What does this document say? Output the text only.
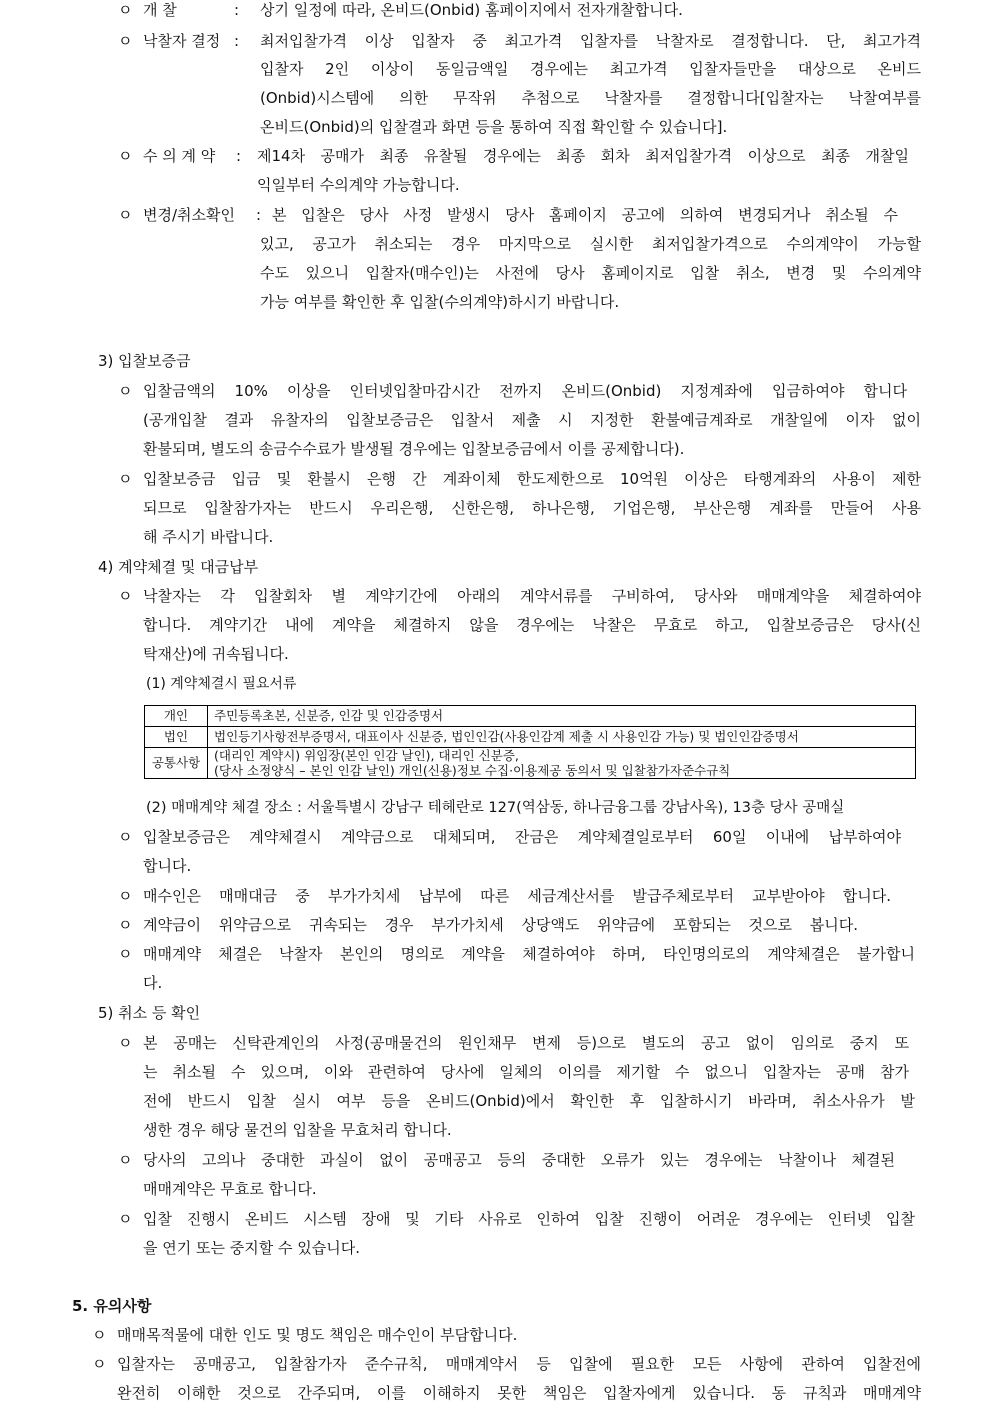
ㅇ 개 찰	: 상기 일정에 따라, 온비드(Onbid) 홈페이지에서 전자개찰합니다.
ㅇ 낙찰자 결정 : 최저입찰가격 이상 입찰자 중 최고가격 입찰자를 낙찰자로 결정합니다. 단, 최고가격
입찰자 2인 이상이 동일금액일 경우에는 최고가격 입찰자들만을 대상으로 온비드
(Onbid)시스템에 의한 무작위 추첨으로 낙찰자를 결정합니다[입찰자는 낙찰여부를
온비드(Onbid)의 입찰결과 화면 등을 통하여 직접 확인할 수 있습니다].
ㅇ 수 의 계 약 : 제14차 공매가 최종 유찰될 경우에는 최종 회차 최저입찰가격 이상으로 최종 개찰일
익일부터 수의계약 가능합니다.
ㅇ 변경/취소확인 : 본 입찰은 당사 사정 발생시 당사 홈페이지 공고에 의하여 변경되거나 취소될 수
있고, 공고가 취소되는 경우 마지막으로 실시한 최저입찰가격으로 수의계약이 가능할
수도 있으니 입찰자(매수인)는 사전에 당사 홈페이지로 입찰 취소, 변경 및 수의계약
가능 여부를 확인한 후 입찰(수의계약)하시기 바랍니다.
3) 입찰보증금
ㅇ 입찰금액의 10% 이상을 인터넷입찰마감시간 전까지 온비드(Onbid) 지정계좌에 입금하여야 합니다
(공개입찰 결과 유찰자의 입찰보증금은 입찰서 제출 시 지정한 환불예금계좌로 개찰일에 이자 없이
환불되며, 별도의 송금수수료가 발생될 경우에는 입찰보증금에서 이를 공제합니다).
ㅇ 입찰보증금 입금 및 환불시 은행 간 계좌이체 한도제한으로 10억원 이상은 타행계좌의 사용이 제한
되므로 입찰참가자는 반드시 우리은행, 신한은행, 하나은행, 기업은행, 부산은행 계좌를 만들어 사용
해 주시기 바랍니다.
4) 계약체결 및 대금납부
ㅇ 낙찰자는 각 입찰회차 별 계약기간에 아래의 계약서류를 구비하여, 당사와 매매계약을 체결하여야
합니다. 계약기간 내에 계약을 체결하지 않을 경우에는 낙찰은 무효로 하고, 입찰보증금은 당사(신
탁재산)에 귀속됩니다.
(1) 계약체결시 필요서류
개인	주민등록초본, 신분증, 인감 및 인감증명서

법인	법인등기사항전부증명서, 대표이사 신분증, 법인인감(사용인감계 제출 시 사용인감 가능) 및 법인인감증명서

공통사항	(대리인 계약시) 위임장(본인 인감 날인), 대리인 신분증,
(당사 소정양식 – 본인 인감 날인) 개인(신용)정보 수집·이용제공 동의서 및 입찰참가자준수규칙
(2) 매매계약 체결 장소 : 서울특별시 강남구 테헤란로 127(역삼동, 하나금융그룹 강남사옥), 13층 당사 공매실
ㅇ 입찰보증금은 계약체결시 계약금으로 대체되며, 잔금은 계약체결일로부터 60일 이내에 납부하여야
합니다.
ㅇ 매수인은 매매대금 중 부가가치세 납부에 따른 세금계산서를 발급주체로부터 교부받아야 합니다.
ㅇ 계약금이 위약금으로 귀속되는 경우 부가가치세 상당액도 위약금에 포함되는 것으로 봅니다.
ㅇ 매매계약 체결은 낙찰자 본인의 명의로 계약을 체결하여야 하며, 타인명의로의 계약체결은 불가합니
다.
5) 취소 등 확인
ㅇ 본 공매는 신탁관계인의 사정(공매물건의 원인채무 변제 등)으로 별도의 공고 없이 임의로 중지 또
는 취소될 수 있으며, 이와 관련하여 당사에 일체의 이의를 제기할 수 없으니 입찰자는 공매 참가
전에 반드시 입찰 실시 여부 등을 온비드(Onbid)에서 확인한 후 입찰하시기 바라며, 취소사유가 발
생한 경우 해당 물건의 입찰을 무효처리 합니다.
ㅇ 당사의 고의나 중대한 과실이 없이 공매공고 등의 중대한 오류가 있는 경우에는 낙찰이나 체결된
매매계약은 무효로 합니다.
ㅇ 입찰 진행시 온비드 시스템 장애 및 기타 사유로 인하여 입찰 진행이 어려운 경우에는 인터넷 입찰
을 연기 또는 중지할 수 있습니다.
5. 유의사항
ㅇ 매매목적물에 대한 인도 및 명도 책임은 매수인이 부담합니다.
ㅇ 입찰자는 공매공고, 입찰참가자 준수규칙, 매매계약서 등 입찰에 필요한 모든 사항에 관하여 입찰전에
완전히 이해한 것으로 간주되며, 이를 이해하지 못한 책임은 입찰자에게 있습니다. 동 규칙과 매매계약
